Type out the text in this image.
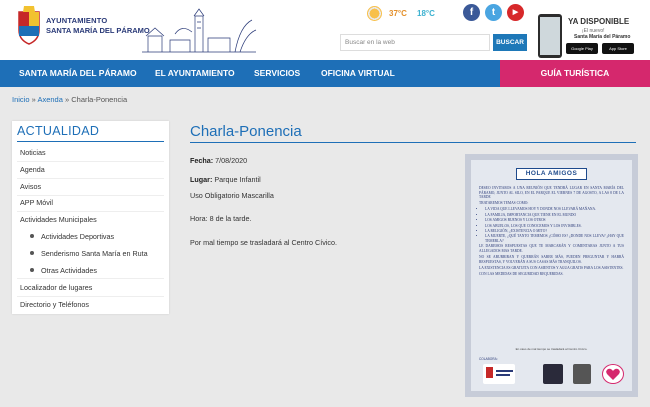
AYUNTAMIENTO
SANTA MARÍA DEL PÁRAMO
37°C 18°C	f	t	▶
Buscar en la web	BUSCAR
YA DISPONIBLE
¡El nuevo!
Santa María del Páramo
Google Play	App Store
SANTA MARÍA DEL PÁRAMO EL AYUNTAMIENTO SERVICIOS OFICINA VIRTUAL	GUÍA TURÍSTICA
Inicio » Axenda » Charla-Ponencia
ACTUALIDAD
Noticias
Agenda
Avisos
APP Móvil
Actividades Municipales
Actividades Deportivas
Senderismo Santa María en Ruta
Otras Actividades
Localizador de lugares
Directorio y Teléfonos
Charla-Ponencia
Fecha: 7/08/2020
Lugar: Parque Infantil
Uso Obligatorio Mascarilla
Hora: 8 de la tarde.
Por mal tiempo se trasladará al Centro Cívico.
HOLA AMIGOS
DESEO INVITAROS A UNA REUNIÓN QUE TENDRÁ LUGAR EN SANTA MARÍA DEL PÁRAMO, JUNTO AL SILO, EN EL PARQUE EL VIERNES 7 DE AGOSTO, A LAS 8 DE LA TARDE
TRATAREMOS TEMAS COMO:
• LA VIDA QUE LLEVAMOS HOY Y DONDE NOS LLEVARÁ MAÑANA.
• LA FAMILIA, IMPORTANCIA QUE TIENE EN EL MUNDO
• LOS AMIGOS BUENOS Y LOS OTROS
• LOS ABUELOS, LOS QUE CONOCEMOS Y LOS INVISIBLES.
• LA RELIGIÓN, ¿EXISTENCIA O MITO?
• LA MUERTE, ¿QUÉ TANTO TEMEMOS ¿CÓMO ES? ¿DONDE NOS LLEVA? ¿HAY QUE TEMERLA?
LE DAREMOS RESPUESTAS QUE TE MARCARÁN Y COMENTARAS JUNTO A TUS ALLEGADOS MAS TARDE.
NO SE ABURRIRAN Y QUERRÁN SABER MÁS, PUEDEN PREGUNTAR Y HABRÁ RESPUESTAS, Y VOLVERÁN A SUS CASAS MÁS TRANQUILOS.
LA EXISTENCIA ES GRATUITA CON ASIENTOS Y AGUA GRATIS PARA LOS ASISTENTES.
CON LAS MEDIDAS DE SEGURIDAD REQUERIDAS.
En caso de mal tiempo se trasladará al Centro Cívico.
COLABORA:
